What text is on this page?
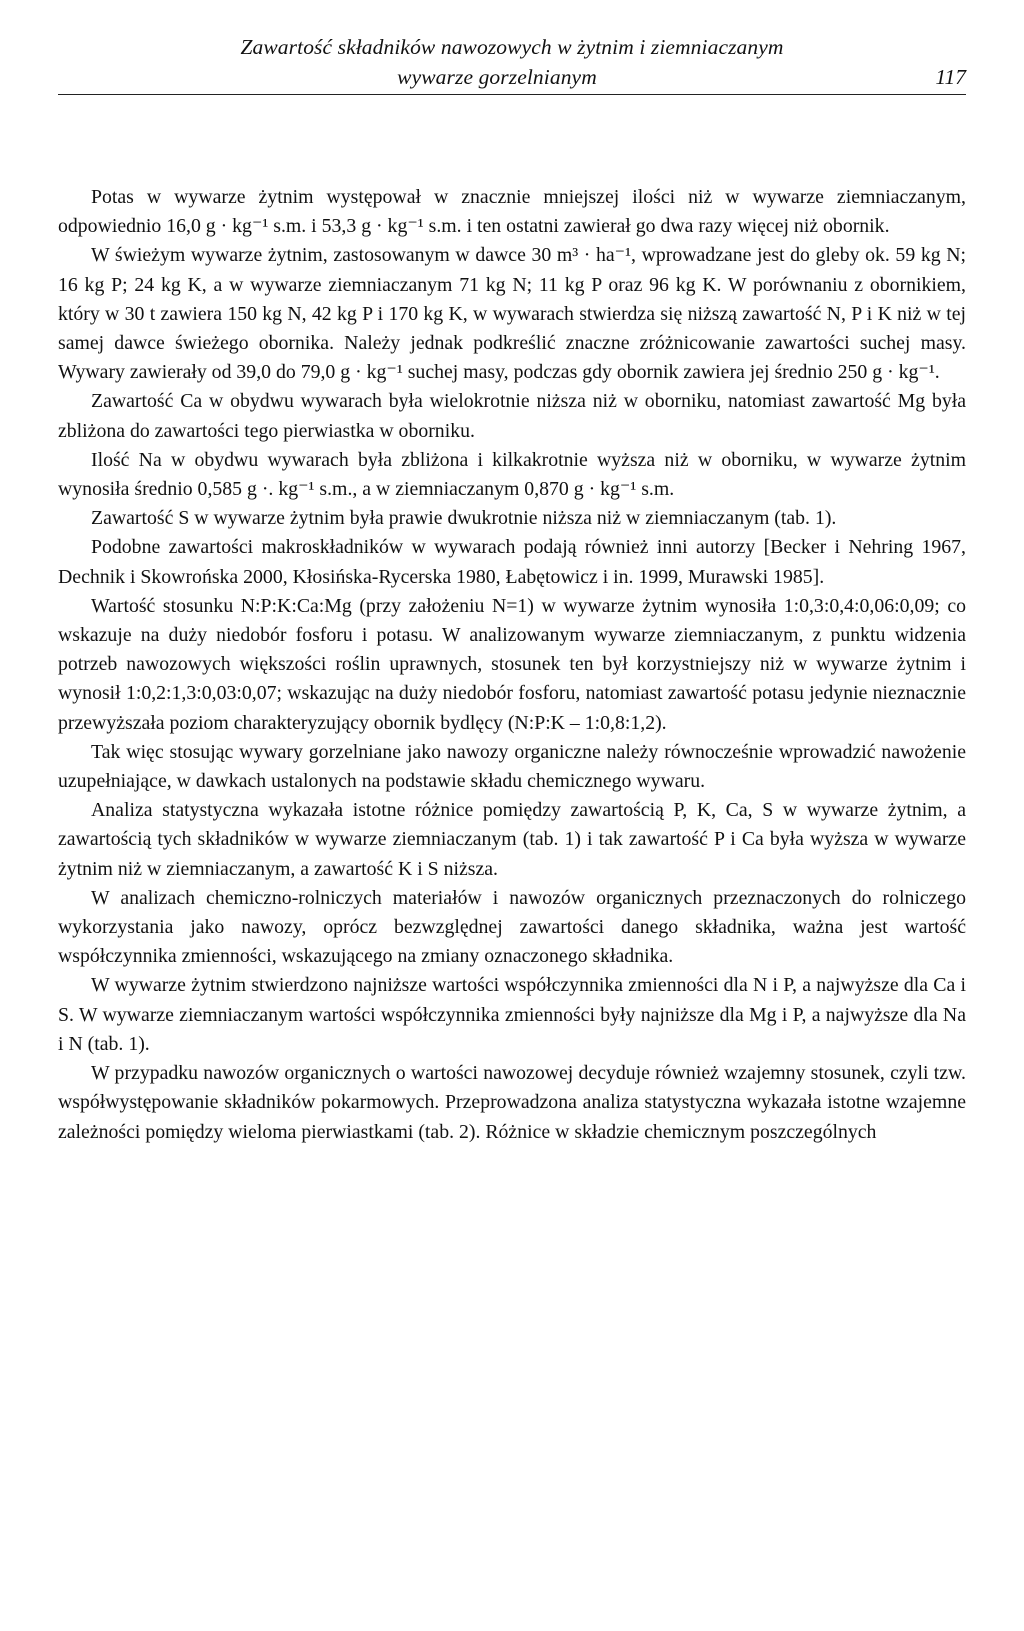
Zawartość składników nawozowych w żytnim i ziemniaczanym
wywarze gorzelnianym	117

Potas w wywarze żytnim występował w znacznie mniejszej ilości niż w wywarze ziemniaczanym, odpowiednio 16,0 g · kg⁻¹ s.m. i 53,3 g · kg⁻¹ s.m. i ten ostatni zawierał go dwa razy więcej niż obornik.

W świeżym wywarze żytnim, zastosowanym w dawce 30 m³ · ha⁻¹, wprowadzane jest do gleby ok. 59 kg N; 16 kg P; 24 kg K, a w wywarze ziemniaczanym 71 kg N; 11 kg P oraz 96 kg K. W porównaniu z obornikiem, który w 30 t zawiera 150 kg N, 42 kg P i 170 kg K, w wywarach stwierdza się niższą zawartość N, P i K niż w tej samej dawce świeżego obornika. Należy jednak podkreślić znaczne zróżnicowanie zawartości suchej masy. Wywary zawierały od 39,0 do 79,0 g · kg⁻¹ suchej masy, podczas gdy obornik zawiera jej średnio 250 g · kg⁻¹.

Zawartość Ca w obydwu wywarach była wielokrotnie niższa niż w oborniku, natomiast zawartość Mg była zbliżona do zawartości tego pierwiastka w oborniku.

Ilość Na w obydwu wywarach była zbliżona i kilkakrotnie wyższa niż w oborniku, w wywarze żytnim wynosiła średnio 0,585 g ·. kg⁻¹ s.m., a w ziemniaczanym 0,870 g · kg⁻¹ s.m.

Zawartość S w wywarze żytnim była prawie dwukrotnie niższa niż w ziemniaczanym (tab. 1).

Podobne zawartości makroskładników w wywarach podają również inni autorzy [Becker i Nehring 1967, Dechnik i Skowrońska 2000, Kłosińska-Rycerska 1980, Łabętowicz i in. 1999, Murawski 1985].

Wartość stosunku N:P:K:Ca:Mg (przy założeniu N=1) w wywarze żytnim wynosiła 1:0,3:0,4:0,06:0,09; co wskazuje na duży niedobór fosforu i potasu. W analizowanym wywarze ziemniaczanym, z punktu widzenia potrzeb nawozowych większości roślin uprawnych, stosunek ten był korzystniejszy niż w wywarze żytnim i wynosił 1:0,2:1,3:0,03:0,07; wskazując na duży niedobór fosforu, natomiast zawartość potasu jedynie nieznacznie przewyższała poziom charakteryzujący obornik bydlęcy (N:P:K – 1:0,8:1,2).

Tak więc stosując wywary gorzelniane jako nawozy organiczne należy równocześnie wprowadzić nawożenie uzupełniające, w dawkach ustalonych na podstawie składu chemicznego wywaru.

Analiza statystyczna wykazała istotne różnice pomiędzy zawartością P, K, Ca, S w wywarze żytnim, a zawartością tych składników w wywarze ziemniaczanym (tab. 1) i tak zawartość P i Ca była wyższa w wywarze żytnim niż w ziemniaczanym, a zawartość K i S niższa.

W analizach chemiczno-rolniczych materiałów i nawozów organicznych przeznaczonych do rolniczego wykorzystania jako nawozy, oprócz bezwzględnej zawartości danego składnika, ważna jest wartość współczynnika zmienności, wskazującego na zmiany oznaczonego składnika.

W wywarze żytnim stwierdzono najniższe wartości współczynnika zmienności dla N i P, a najwyższe dla Ca i S. W wywarze ziemniaczanym wartości współczynnika zmienności były najniższe dla Mg i P, a najwyższe dla Na i N (tab. 1).

W przypadku nawozów organicznych o wartości nawozowej decyduje również wzajemny stosunek, czyli tzw. współwystępowanie składników pokarmowych. Przeprowadzona analiza statystyczna wykazała istotne wzajemne zależności pomiędzy wieloma pierwiastkami (tab. 2). Różnice w składzie chemicznym poszczególnych
